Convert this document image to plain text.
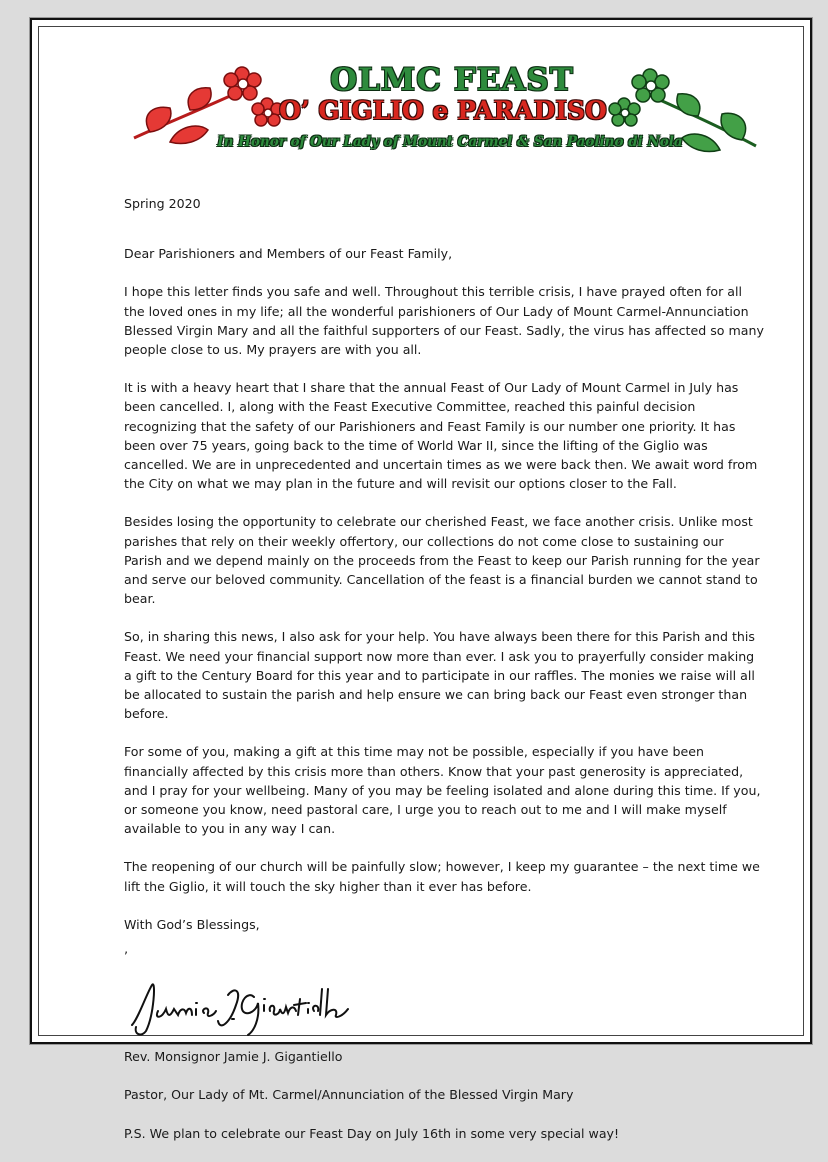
OLMC FEAST
O’ GIGLIO e PARADISO
In Honor of Our Lady of Mount Carmel & San Paolino di Nola

Spring 2020

Dear Parishioners and Members of our Feast Family,

I hope this letter finds you safe and well. Throughout this terrible crisis, I have prayed often for all the loved ones in my life; all the wonderful parishioners of Our Lady of Mount Carmel-Annunciation Blessed Virgin Mary and all the faithful supporters of our Feast. Sadly, the virus has affected so many people close to us. My prayers are with you all.

It is with a heavy heart that I share that the annual Feast of Our Lady of Mount Carmel in July has been cancelled. I, along with the Feast Executive Committee, reached this painful decision recognizing that the safety of our Parishioners and Feast Family is our number one priority. It has been over 75 years, going back to the time of World War II, since the lifting of the Giglio was cancelled. We are in unprecedented and uncertain times as we were back then. We await word from the City on what we may plan in the future and will revisit our options closer to the Fall.

Besides losing the opportunity to celebrate our cherished Feast, we face another crisis. Unlike most parishes that rely on their weekly offertory, our collections do not come close to sustaining our Parish and we depend mainly on the proceeds from the Feast to keep our Parish running for the year and serve our beloved community. Cancellation of the feast is a financial burden we cannot stand to bear.

So, in sharing this news, I also ask for your help. You have always been there for this Parish and this Feast. We need your financial support now more than ever. I ask you to prayerfully consider making a gift to the Century Board for this year and to participate in our raffles. The monies we raise will all be allocated to sustain the parish and help ensure we can bring back our Feast even stronger than before.

For some of you, making a gift at this time may not be possible, especially if you have been financially affected by this crisis more than others. Know that your past generosity is appreciated, and I pray for your wellbeing. Many of you may be feeling isolated and alone during this time. If you, or someone you know, need pastoral care, I urge you to reach out to me and I will make myself available to you in any way I can.

The reopening of our church will be painfully slow; however, I keep my guarantee – the next time we lift the Giglio, it will touch the sky higher than it ever has before.

With God’s Blessings,

‚

Rev. Monsignor Jamie J. Gigantiello

Pastor, Our Lady of Mt. Carmel/Annunciation of the Blessed Virgin Mary

P.S. We plan to celebrate our Feast Day on July 16th in some very special way!
